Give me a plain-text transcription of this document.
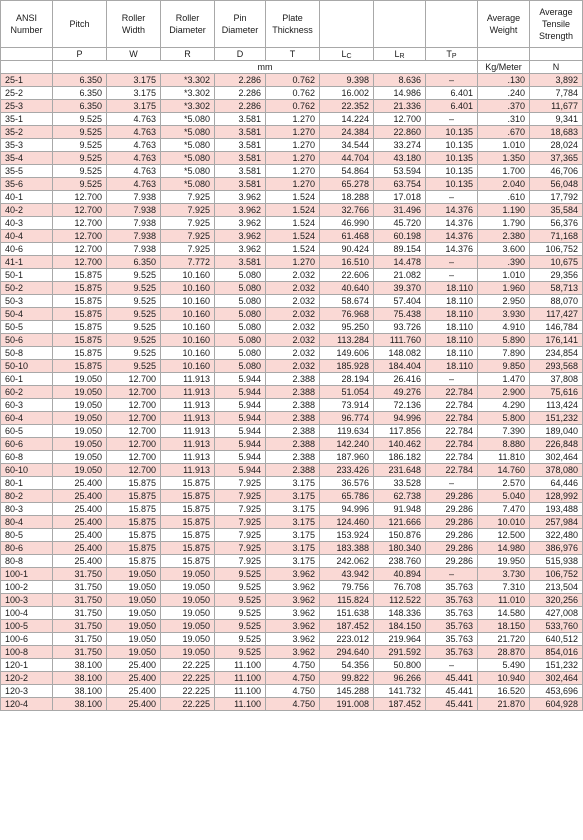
ANSI Number	Pitch	Roller Width	Roller Diameter	Pin Diameter	Plate Thickness				Average Weight	Average Tensile Strength
	P	W	R	D	T	$L_C$	$L_R$	$T_P$		
	mm								Kg/Meter	N
25-1	6.350	3.175	*3.302	2.286	0.762	9.398	8.636	–	.130	3,892
25-2	6.350	3.175	*3.302	2.286	0.762	16.002	14.986	6.401	.240	7,784
25-3	6.350	3.175	*3.302	2.286	0.762	22.352	21.336	6.401	.370	11,677
35-1	9.525	4.763	*5.080	3.581	1.270	14.224	12.700	–	.310	9,341
35-2	9.525	4.763	*5.080	3.581	1.270	24.384	22.860	10.135	.670	18,683
35-3	9.525	4.763	*5.080	3.581	1.270	34.544	33.274	10.135	1.010	28,024
35-4	9.525	4.763	*5.080	3.581	1.270	44.704	43.180	10.135	1.350	37,365
35-5	9.525	4.763	*5.080	3.581	1.270	54.864	53.594	10.135	1.700	46,706
35-6	9.525	4.763	*5.080	3.581	1.270	65.278	63.754	10.135	2.040	56,048
40-1	12.700	7.938	7.925	3.962	1.524	18.288	17.018	–	.610	17,792
40-2	12.700	7.938	7.925	3.962	1.524	32.766	31.496	14.376	1.190	35,584
40-3	12.700	7.938	7.925	3.962	1.524	46.990	45.720	14.376	1.790	56,376
40-4	12.700	7.938	7.925	3.962	1.524	61.468	60.198	14.376	2.380	71,168
40-6	12.700	7.938	7.925	3.962	1.524	90.424	89.154	14.376	3.600	106,752
41-1	12.700	6.350	7.772	3.581	1.270	16.510	14.478	–	.390	10,675
50-1	15.875	9.525	10.160	5.080	2.032	22.606	21.082	–	1.010	29,356
50-2	15.875	9.525	10.160	5.080	2.032	40.640	39.370	18.110	1.960	58,713
50-3	15.875	9.525	10.160	5.080	2.032	58.674	57.404	18.110	2.950	88,070
50-4	15.875	9.525	10.160	5.080	2.032	76.968	75.438	18.110	3.930	117,427
50-5	15.875	9.525	10.160	5.080	2.032	95.250	93.726	18.110	4.910	146,784
50-6	15.875	9.525	10.160	5.080	2.032	113.284	111.760	18.110	5.890	176,141
50-8	15.875	9.525	10.160	5.080	2.032	149.606	148.082	18.110	7.890	234,854
50-10	15.875	9.525	10.160	5.080	2.032	185.928	184.404	18.110	9.850	293,568
60-1	19.050	12.700	11.913	5.944	2.388	28.194	26.416	–	1.470	37,808
60-2	19.050	12.700	11.913	5.944	2.388	51.054	49.276	22.784	2.900	75,616
60-3	19.050	12.700	11.913	5.944	2.388	73.914	72.136	22.784	4.290	113,424
60-4	19.050	12.700	11.913	5.944	2.388	96.774	94.996	22.784	5.800	151,232
60-5	19.050	12.700	11.913	5.944	2.388	119.634	117.856	22.784	7.390	189,040
60-6	19.050	12.700	11.913	5.944	2.388	142.240	140.462	22.784	8.880	226,848
60-8	19.050	12.700	11.913	5.944	2.388	187.960	186.182	22.784	11.810	302,464
60-10	19.050	12.700	11.913	5.944	2.388	233.426	231.648	22.784	14.760	378,080
80-1	25.400	15.875	15.875	7.925	3.175	36.576	33.528	–	2.570	64,446
80-2	25.400	15.875	15.875	7.925	3.175	65.786	62.738	29.286	5.040	128,992
80-3	25.400	15.875	15.875	7.925	3.175	94.996	91.948	29.286	7.470	193,488
80-4	25.400	15.875	15.875	7.925	3.175	124.460	121.666	29.286	10.010	257,984
80-5	25.400	15.875	15.875	7.925	3.175	153.924	150.876	29.286	12.500	322,480
80-6	25.400	15.875	15.875	7.925	3.175	183.388	180.340	29.286	14.980	386,976
80-8	25.400	15.875	15.875	7.925	3.175	242.062	238.760	29.286	19.950	515,938
100-1	31.750	19.050	19.050	9.525	3.962	43.942	40.894	–	3.730	106,752
100-2	31.750	19.050	19.050	9.525	3.962	79.756	76.708	35.763	7.310	213,504
100-3	31.750	19.050	19.050	9.525	3.962	115.824	112.522	35.763	11.010	320,256
100-4	31.750	19.050	19.050	9.525	3.962	151.638	148.336	35.763	14.580	427,008
100-5	31.750	19.050	19.050	9.525	3.962	187.452	184.150	35.763	18.150	533,760
100-6	31.750	19.050	19.050	9.525	3.962	223.012	219.964	35.763	21.720	640,512
100-8	31.750	19.050	19.050	9.525	3.962	294.640	291.592	35.763	28.870	854,016
120-1	38.100	25.400	22.225	11.100	4.750	54.356	50.800	–	5.490	151,232
120-2	38.100	25.400	22.225	11.100	4.750	99.822	96.266	45.441	10.940	302,464
120-3	38.100	25.400	22.225	11.100	4.750	145.288	141.732	45.441	16.520	453,696
120-4	38.100	25.400	22.225	11.100	4.750	191.008	187.452	45.441	21.870	604,928
